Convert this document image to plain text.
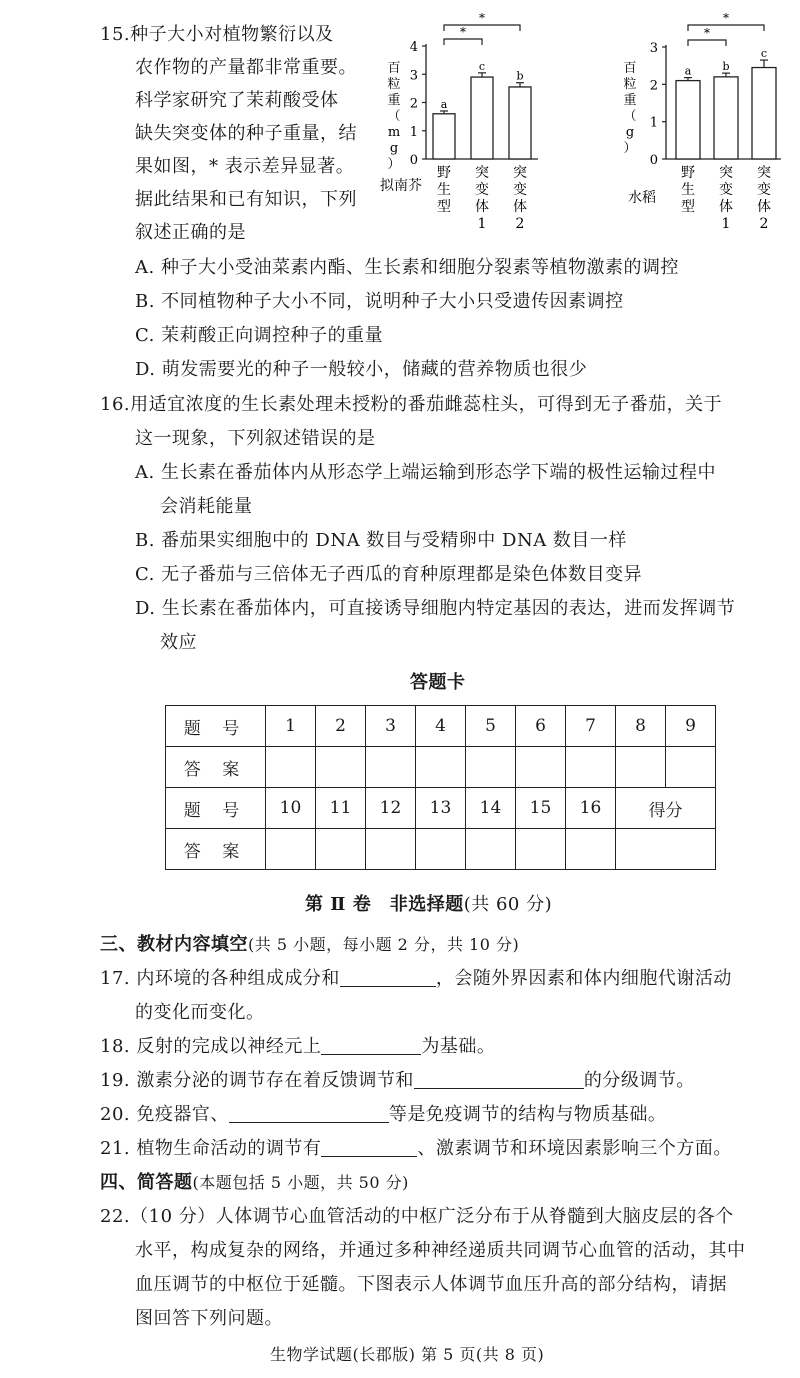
15.种子大小对植物繁衍以及
农作物的产量都非常重要。
科学家研究了茉莉酸受体
缺失突变体的种子重量，结
果如图，* 表示差异显著。
据此结果和已有知识，下列
叙述正确的是
百
粒
重
（
m
g
） 0
1
2
3
4
a
野
生
型
c
突
变
体
1
b
突
变
体
2
*
*
拟南芥
百
粒
重
（
g
）
0
1
2
3
a
野
生
型
b
突
变
体
1
c
突
变
体
2
*
*
水稻
A. 种子大小受油菜素内酯、生长素和细胞分裂素等植物激素的调控
B. 不同植物种子大小不同，说明种子大小只受遗传因素调控
C. 茉莉酸正向调控种子的重量
D. 萌发需要光的种子一般较小，储藏的营养物质也很少
16.用适宜浓度的生长素处理未授粉的番茄雌蕊柱头，可得到无子番茄，关于
这一现象，下列叙述错误的是
A. 生长素在番茄体内从形态学上端运输到形态学下端的极性运输过程中
会消耗能量
B. 番茄果实细胞中的 DNA 数目与受精卵中 DNA 数目一样
C. 无子番茄与三倍体无子西瓜的育种原理都是染色体数目变异
D. 生长素在番茄体内，可直接诱导细胞内特定基因的表达，进而发挥调节
效应
答题卡
题 号	1	2	3	4	5	6	7	8	9
答 案									
题 号	10	11	12	13	14	15	16	得分	
答 案									
第 Ⅱ 卷　非选择题(共 60 分)
三、教材内容填空(共 5 小题，每小题 2 分，共 10 分)
17. 内环境的各种组成成分和	，会随外界因素和体内细胞代谢活动
的变化而变化。
18. 反射的完成以神经元上	为基础。
19. 激素分泌的调节存在着反馈调节和	的分级调节。
20. 免疫器官、	等是免疫调节的结构与物质基础。
21. 植物生命活动的调节有	、激素调节和环境因素影响三个方面。
四、简答题(本题包括 5 小题，共 50 分)
22.（10 分）人体调节心血管活动的中枢广泛分布于从脊髓到大脑皮层的各个
水平，构成复杂的网络，并通过多种神经递质共同调节心血管的活动，其中
血压调节的中枢位于延髓。下图表示人体调节血压升高的部分结构，请据
图回答下列问题。
生物学试题(长郡版) 第 5 页(共 8 页)
